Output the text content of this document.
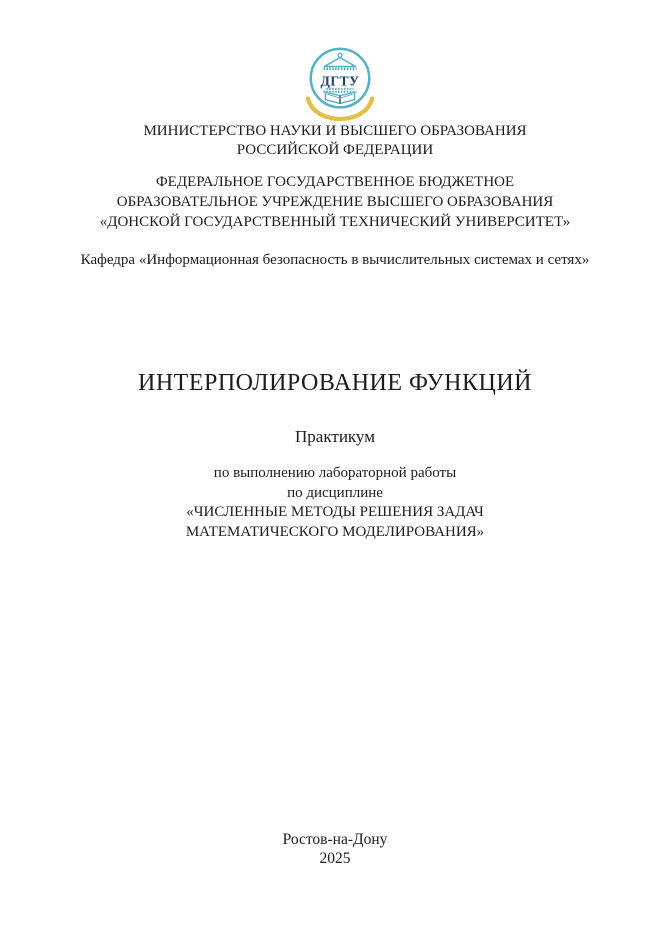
ДГТУ
МИНИСТЕРСТВО НАУКИ И ВЫСШЕГО ОБРАЗОВАНИЯ
РОССИЙСКОЙ ФЕДЕРАЦИИ
ФЕДЕРАЛЬНОЕ ГОСУДАРСТВЕННОЕ БЮДЖЕТНОЕ
ОБРАЗОВАТЕЛЬНОЕ УЧРЕЖДЕНИЕ ВЫСШЕГО ОБРАЗОВАНИЯ
«ДОНСКОЙ ГОСУДАРСТВЕННЫЙ ТЕХНИЧЕСКИЙ УНИВЕРСИТЕТ»
Кафедра «Информационная безопасность в вычислительных системах и сетях»
ИНТЕРПОЛИРОВАНИЕ ФУНКЦИЙ
Практикум
по выполнению лабораторной работы
по дисциплине
«ЧИСЛЕННЫЕ МЕТОДЫ РЕШЕНИЯ ЗАДАЧ
МАТЕМАТИЧЕСКОГО МОДЕЛИРОВАНИЯ»
Ростов-на-Дону
2025
